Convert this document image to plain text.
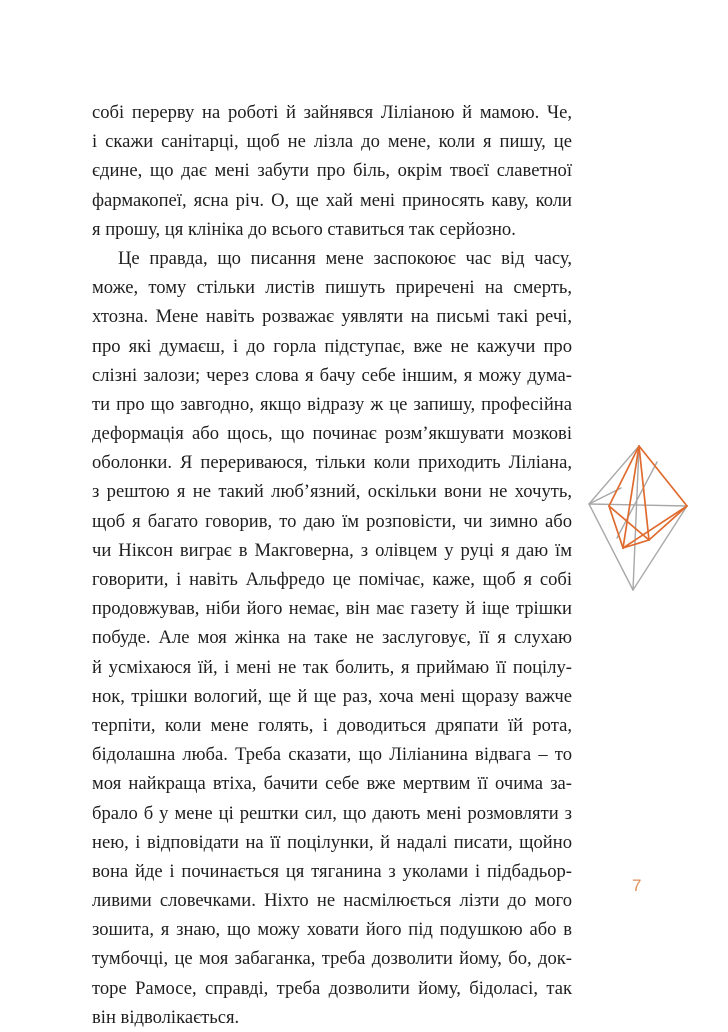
собі перерву на роботі й зайнявся Ліліаною й мамою. Че,
і скажи санітарці, щоб не лізла до мене, коли я пишу, це
єдине, що дає мені забути про біль, окрім твоєї славетної
фармакопеї, ясна річ. О, ще хай мені приносять каву, коли
я прошу, ця клініка до всього ставиться так серйозно.
Це правда, що писання мене заспокоює час від часу,
може, тому стільки листів пишуть приречені на смерть,
хтозна. Мене навіть розважає уявляти на письмі такі речі,
про які думаєш, і до горла підступає, вже не кажучи про
слізні залози; через слова я бачу себе іншим, я можу дума-
ти про що завгодно, якщо відразу ж це запишу, професійна
деформація або щось, що починає розм’якшувати мозкові
оболонки. Я перериваюся, тільки коли приходить Ліліана,
з рештою я не такий люб’язний, оскільки вони не хочуть,
щоб я багато говорив, то даю їм розповісти, чи зимно або
чи Ніксон виграє в Макговерна, з олівцем у руці я даю їм
говорити, і навіть Альфредо це помічає, каже, щоб я собі
продовжував, ніби його немає, він має газету й іще трішки
побуде. Але моя жінка на таке не заслуговує, її я слухаю
й усміхаюся їй, і мені не так болить, я приймаю її поцілу-
нок, трішки вологий, ще й ще раз, хоча мені щоразу важче
терпіти, коли мене голять, і доводиться дряпати їй рота,
бідолашна люба. Треба сказати, що Ліліанина відвага – то
моя найкраща втіха, бачити себе вже мертвим її очима за-
брало б у мене ці рештки сил, що дають мені розмовляти з
нею, і відповідати на її поцілунки, й надалі писати, щойно
вона йде і починається ця тяганина з уколами і підбадьор-
ливими словечками. Ніхто не насмілюється лізти до мого
зошита, я знаю, що можу ховати його під подушкою або в
тумбочці, це моя забаганка, треба дозволити йому, бо, док-
торе Рамосе, справді, треба дозволити йому, бідоласі, так
він відволікається.
7
